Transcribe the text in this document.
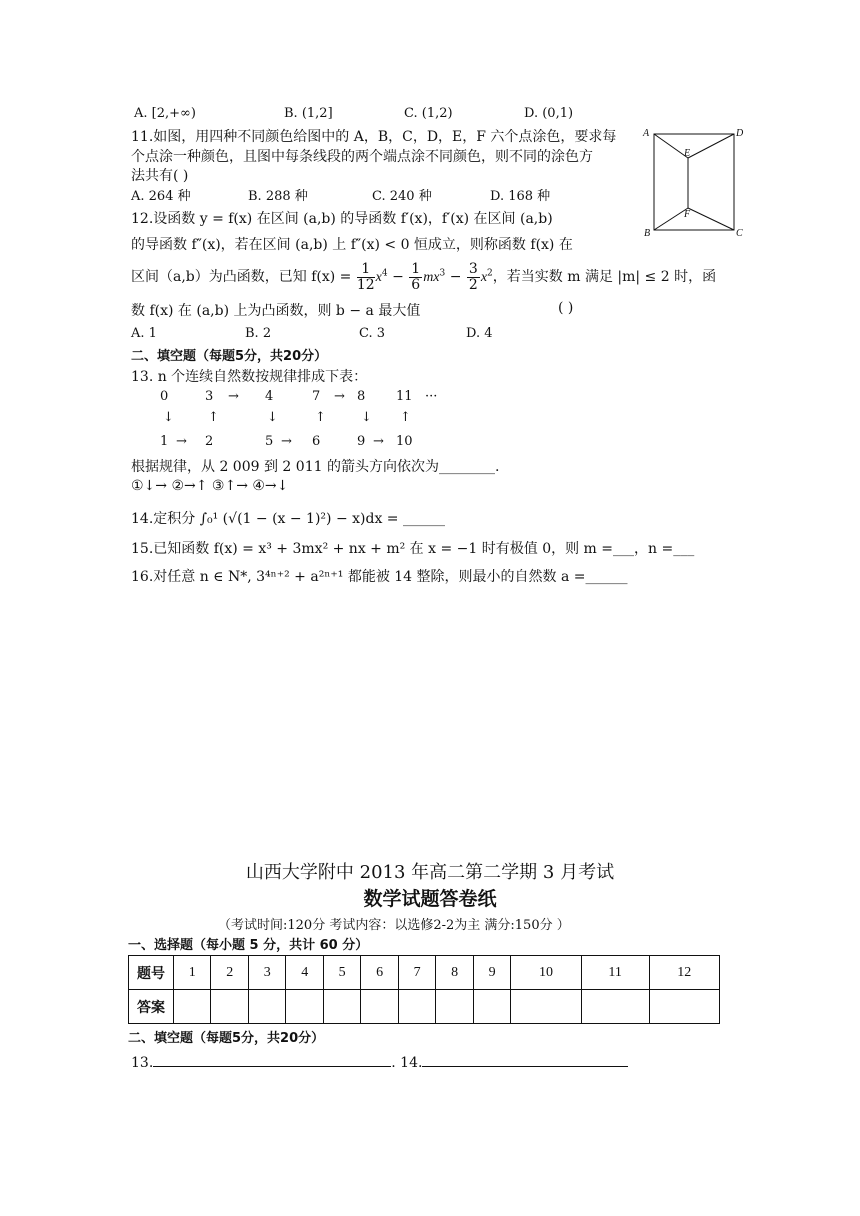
A. [2,+∞)	B. (1,2]	C. (1,2)	D. (0,1)
11.如图，用四种不同颜色给图中的 A，B，C，D，E，F 六个点涂色，要求每
个点涂一种颜色，且图中每条线段的两个端点涂不同颜色，则不同的涂色方
法共有( )
A. 264 种	B. 288 种	C. 240 种	D. 168 种
A	D
E
F
B	C
12.设函数 y = f(x) 在区间 (a,b) 的导函数 f′(x)，f′(x) 在区间 (a,b)
的导函数 f″(x)，若在区间 (a,b) 上 f″(x) < 0 恒成立，则称函数 f(x) 在
区间（a,b）为凸函数，已知 $f(x) = \frac{1}{12} x^4 - \frac{1}{6} mx^3 - \frac{3}{2} x^2$，若当实数 m 满足 |m| ≤ 2 时，函
数 f(x) 在 (a,b) 上为凸函数，则 b − a 最大值	( )
A. 1	B. 2	C. 3	D. 4
二、填空题（每题5分，共20分）
13. n 个连续自然数按规律排成下表：
0	3 → 4	7 → 8 11 ···
↓	↑	↓	↑	↓ ↑
1 → 2	5 → 6	9 → 10
根据规律，从 2 009 到 2 011 的箭头方向依次为________.
①↓→ ②→↑ ③↑→ ④→↓
14.定积分 ∫₀¹ (√(1 − (x − 1)²) − x)dx = ______
15.已知函数 f(x) = x³ + 3mx² + nx + m² 在 x = −1 时有极值 0，则 m =___，n =___
16.对任意 n ∈ N*, 3⁴ⁿ⁺² + a²ⁿ⁺¹ 都能被 14 整除，则最小的自然数 a =______
山西大学附中 2013 年高二第二学期 3 月考试
数学试题答卷纸
（考试时间:120分 考试内容：以选修2-2为主 满分:150分 ）
一、选择题（每小题 5 分，共计 60 分）
题号	1	2	3	4	5	6	7	8	9	10	11	12
答案												
二、填空题（每题5分，共20分）
13.	. 14.
